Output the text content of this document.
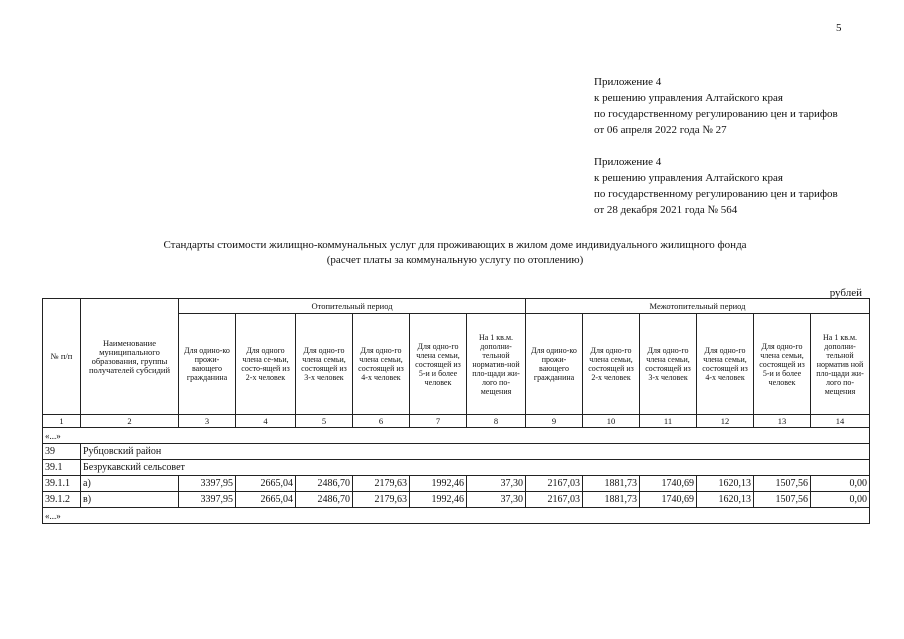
5
Приложение 4
к решению управления Алтайского края
по государственному регулированию цен и тарифов
от 06 апреля 2022 года № 27
Приложение 4
к решению управления Алтайского края
по государственному регулированию цен и тарифов
от 28 декабря 2021 года № 564
Стандарты стоимости жилищно-коммунальных услуг для проживающих в жилом доме индивидуального жилищного фонда
(расчет платы за коммунальную услугу по отоплению)
рублей
№ п/п	Наименование муниципального образования, группы получателей субсидий	Отопительный период						Межотопительный период					
		Для одино-ко прожи-вающего гражданина	Для одного члена се-мьи, состо-ящей из 2-х человек	Для одно-го члена семьи, состоящей из 3-х человек	Для одно-го члена семьи, состоящей из 4-х человек	Для одно-го члена семьи, состоящей из 5-и и более человек	На 1 кв.м. дополни-тельной норматив-ной пло-щади жи-лого по-мещения	Для одино-ко прожи-вающего гражданина	Для одно-го члена семьи, состоящей из 2-х человек	Для одно-го члена семьи, состоящей из 3-х человек	Для одно-го члена семьи, состоящей из 4-х человек	Для одно-го члена семьи, состоящей из 5-и и более человек	На 1 кв.м. дополни-тельной норматив ной пло-щади жи-лого по-мещения
1	2	3	4	5	6	7	8	9	10	11	12	13	14
«...»													
39	Рубцовский район												
39.1	Безрукавский сельсовет												
39.1.1	а)	3397,95	2665,04	2486,70	2179,63	1992,46	37,30	2167,03	1881,73	1740,69	1620,13	1507,56	0,00
39.1.2	в)	3397,95	2665,04	2486,70	2179,63	1992,46	37,30	2167,03	1881,73	1740,69	1620,13	1507,56	0,00
«...»													
